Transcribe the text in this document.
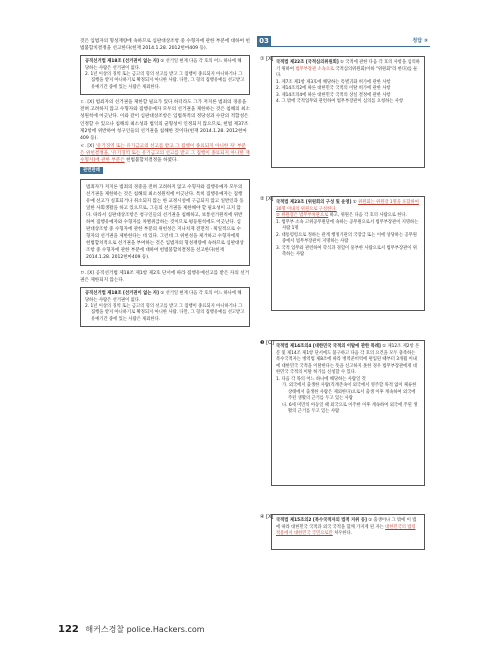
것은 입법자의 형성재량에 속하므로 심판대상조항 중 수형자에 관한 부분에 대하여 헌법불합치결정을 선고한다(헌재 2014.1.28. 2012헌마409 등).

공직선거법 제18조 [선거권이 없는 자] ① 선거일 현재 다음 각 호의 어느 하나에 해당하는 사람은 선거권이 없다.
2. 1년 이상의 징역 또는 금고의 형의 선고를 받고 그 집행이 종료되지 아니하거나 그 집행을 받지 아니하기로 확정되지 아니한 사람. 다만, 그 형의 집행유예를 선고받고 유예기간 중에 있는 사람은 제외한다.

ㄷ. [X] 범죄자의 선거권을 제한할 필요가 있다 하더라도 그가 저지른 범죄의 경중을 전혀 고려하지 않고 수형자와 집행유예자 모두의 선거권을 제한하는 것은 침해의 최소성원칙에 어긋난다. 이와 같이 심판대상조항은 입법목적의 정당성과 수단의 적합성은 인정할 수 있으나 침해의 최소성과 법익의 균형성이 인정되지 않으므로, 헌법 제37조 제2항에 위반하여 청구인들의 선거권을 침해한 것이다(헌재 2014.1.28. 2012헌마409 등).

ㄹ. [X] '유기징역 또는 유기금고의 선고를 받고 그 집행이 종료되지 아니한 자' 부분은 위헌결정을, '유기징역 또는 유기금고의 선고를 받고 그 집행이 종료되지 아니한 재수형자]에 관한 부분은 헌법불합치결정을 하였다.

관련판례
범죄자가 저지른 범죄의 경중을 전혀 고려하지 않고 수형자와 집행유예자 모두의 선거권을 제한하는 것은 침해의 최소성원칙에 어긋난다. 특히 집행유예자는 집행유예 선고가 실효되거나 취소되지 않는 한 교정시설에 구금되지 않고 일반인과 동일한 사회생활을 하고 있으므로, 그들의 선거권을 제한해야 할 필요성이 크지 않다. 따라서 심판대상조항은 청구인들의 선거권을 침해하고, 보통선거원칙에 위반하여 집행유예자와 수형자를 차별취급하는 것이므로 평등원칙에도 어긋난다. 심판대상조항 중 수형자에 관한 부분의 위헌성은 지나치게 전면적 · 획일적으로 수형자의 선거권을 제한한다는 데 있다. 그런데 그 위헌성을 제거하고 수형자에게 헌법합치적으로 선거권을 부여하는 것은 입법자의 형성재량에 속하므로 심판대상조항 중 수형자에 관한 부분에 대하여 헌법불합치결정을 선고한다(헌재 2014.1.28. 2012헌마409 등).

ㅁ. [X] 공직선거법 제18조 제1항 제2호 단서에 따라 집행유예선고를 받은 자의 선거권은 제한되지 않는다.

공직선거법 제18조 [선거권이 없는 자] ① 선거일 현재 다음 각 호의 어느 하나에 해당하는 사람은 선거권이 없다.
2. 1년 이상의 징역 또는 금고의 형의 선고를 받고 그 집행이 종료되지 아니하거나 그 집행을 받지 아니하기로 확정되지 아니한 사람. 다만, 그 형의 집행유예를 선고받고 유예기간 중에 있는 사람은 제외한다.
03	정답 ③
① [X]

국적법 제22조 [국적심의위원회] ① 국적에 관한 다음 각 호의 사항을 심의하기 위하여 법무부장관 소속으로 국적심의위원회(이하 "위원회"라 한다)를 둔다.

1. 제7조 제1항 제3호에 해당하는 특별귀화 허가에 관한 사항

2. 제14조의2에 따른 대한민국 국적의 이탈 허가에 관한 사항

3. 제14조의4에 따른 대한민국 국적의 상실 결정에 관한 사항

4. 그 밖에 국적업무와 관련하여 법무부장관이 심의를 요청하는 사항

② [X]

국적법 제23조 [위원회의 구성 및 운영] ① 위원회는 위원장 1명을 포함하여 30명 이내의 위원으로 구성한다.

② 위원장은 법무부차관으로 하고, 위원은 다음 각 호의 사람으로 한다.

1. 법무부 소속 고위공무원단에 속하는 공무원으로서 법무부장관이 지명하는 사람 1명

2. 대통령령으로 정하는 관계 행정기관의 국장급 또는 이에 상당하는 공무원 중에서 법무부장관이 지명하는 사람

3. 국적 업무와 관련하여 학식과 경험이 풍부한 사람으로서 법무부장관이 위촉하는 사람

❸ [O]

국적법 제14조의4 [대한민국 국적의 이탈에 관한 특례] ① 제12조 제2항 본문 및 제14조 제1항 단서에도 불구하고 다음 각 호의 요건을 모두 충족하는 복수국적자는 병역법 제8조에 따라 병역준비역에 편입된 때부터 3개월 이내에 대한민국 국적을 이탈한다는 뜻을 신고하지 못한 경우 법무부장관에게 대한민국 국적의 이탈 허가를 신청할 수 있다.

1. 다음 각 목의 어느 하나에 해당하는 사람일 것

가. 외국에서 출생한 사람(직계존속이 외국에서 영주할 목적 없이 체류한 상태에서 출생한 사람은 제외한다)으로서 출생 이후 계속하여 외국에 주된 생활의 근거를 두고 있는 사람

나. 6세 미만의 아동일 때 외국으로 이주한 이후 계속하여 외국에 주된 생활의 근거를 두고 있는 사람

④ [X]

국적법 제15조의2 [복수국적자의 법적 지위 등] ① 출생이나 그 밖에 이 법에 따라 대한민국 국적과 외국 국적을 함께 가지게 된 자는 대한민국의 법령 적용에서 대한민국 국민으로만 처우한다.

122 해커스경찰 police.Hackers.com
